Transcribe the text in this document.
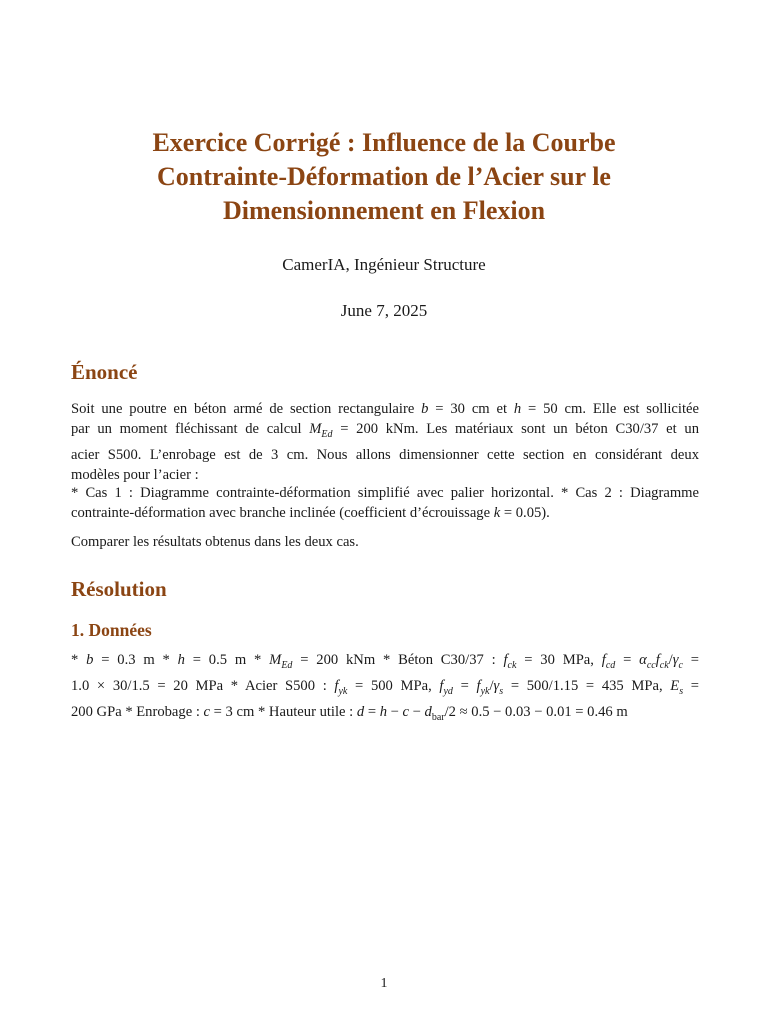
Exercice Corrigé : Influence de la Courbe
Contrainte-Déformation de l’Acier sur le
Dimensionnement en Flexion
CamerIA, Ingénieur Structure
June 7, 2025
Énoncé
Soit une poutre en béton armé de section rectangulaire b = 30 cm et h = 50 cm. Elle est sollicitée
par un moment fléchissant de calcul $M_{Ed} = 200$ kNm. Les matériaux sont un béton C30/37 et un
acier S500. L’enrobage est de 3 cm. Nous allons dimensionner cette section en considérant deux
modèles pour l’acier :
* Cas 1 : Diagramme contrainte-déformation simplifié avec palier horizontal. * Cas 2 : Diagramme
contrainte-déformation avec branche inclinée (coefficient d’écrouissage k = 0.05).
Comparer les résultats obtenus dans les deux cas.
Résolution
1. Données
* b = 0.3 m * h = 0.5 $m * M_{Ed} = 200$ kNm * Béton C30/37 : $f_{ck} = 30$ MPa, $f_{cd} = \alpha_{cc}f_{ck}/\gamma_c$ =
1.0 × 30/1.5 = 20 MPa * Acier S500 : $f_{yk} = 500$ MPa, $f_{yd} = f_{yk}/\gamma_s = 500/1.15 = 435$ MPa, $E_s$ =
200 GPa * Enrobage : c = 3 cm * Hauteur utile : $d = h - c - d_{bar}/2 \approx 0.5 - 0.03 - 0.01 = 0.46$ m
1
